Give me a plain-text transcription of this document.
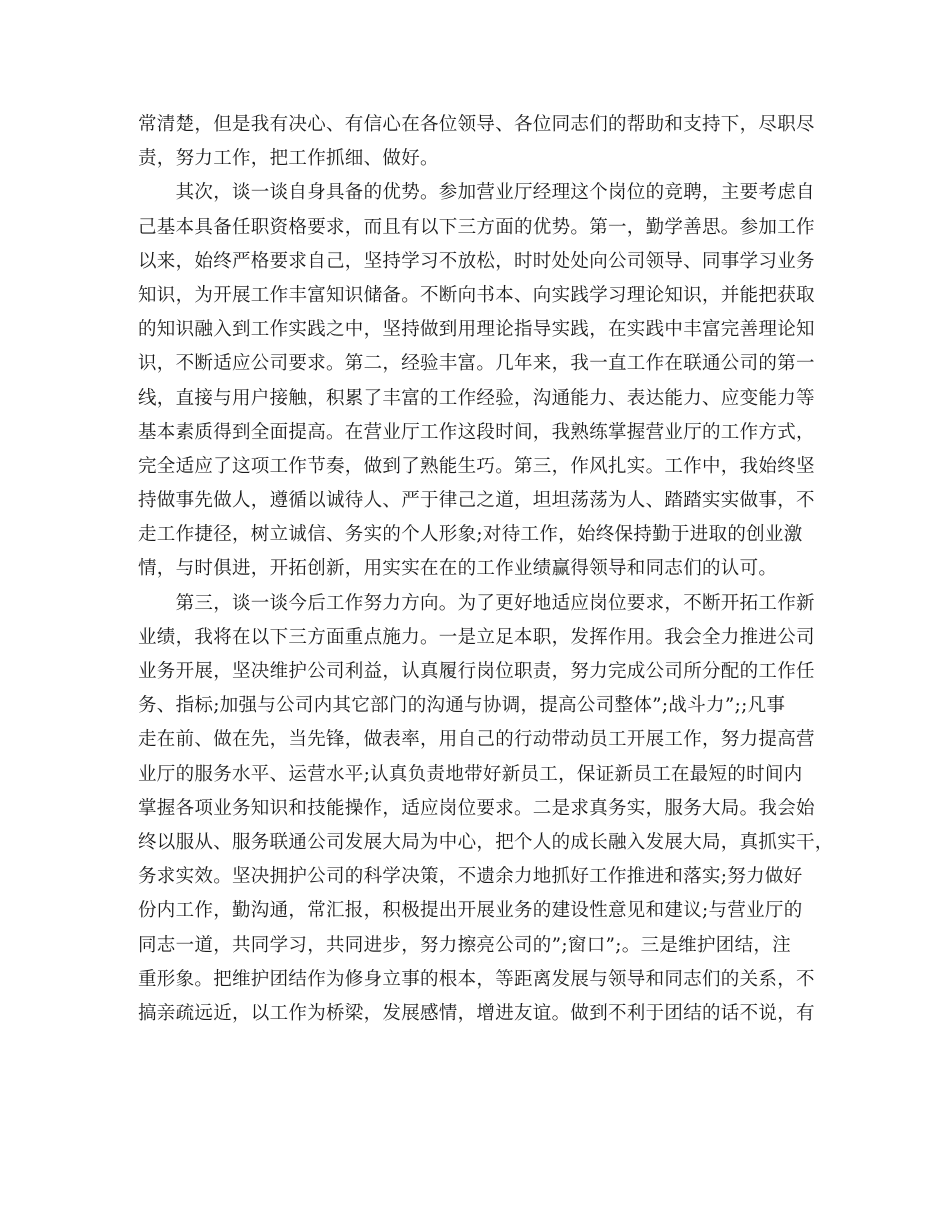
常清楚，但是我有决心、有信心在各位领导、各位同志们的帮助和支持下，尽职尽
责，努力工作，把工作抓细、做好。
　　其次，谈一谈自身具备的优势。参加营业厅经理这个岗位的竞聘，主要考虑自
己基本具备任职资格要求，而且有以下三方面的优势。第一，勤学善思。参加工作
以来，始终严格要求自己，坚持学习不放松，时时处处向公司领导、同事学习业务
知识，为开展工作丰富知识储备。不断向书本、向实践学习理论知识，并能把获取
的知识融入到工作实践之中，坚持做到用理论指导实践，在实践中丰富完善理论知
识，不断适应公司要求。第二，经验丰富。几年来，我一直工作在联通公司的第一
线，直接与用户接触，积累了丰富的工作经验，沟通能力、表达能力、应变能力等
基本素质得到全面提高。在营业厅工作这段时间，我熟练掌握营业厅的工作方式，
完全适应了这项工作节奏，做到了熟能生巧。第三，作风扎实。工作中，我始终坚
持做事先做人，遵循以诚待人、严于律己之道，坦坦荡荡为人、踏踏实实做事，不
走工作捷径，树立诚信、务实的个人形象;对待工作，始终保持勤于进取的创业激
情，与时俱进，开拓创新，用实实在在的工作业绩赢得领导和同志们的认可。
　　第三，谈一谈今后工作努力方向。为了更好地适应岗位要求，不断开拓工作新
业绩，我将在以下三方面重点施力。一是立足本职，发挥作用。我会全力推进公司
业务开展，坚决维护公司利益，认真履行岗位职责，努力完成公司所分配的工作任
务、指标;加强与公司内其它部门的沟通与协调，提高公司整体”;战斗力”;;凡事
走在前、做在先，当先锋，做表率，用自己的行动带动员工开展工作，努力提高营
业厅的服务水平、运营水平;认真负责地带好新员工，保证新员工在最短的时间内
掌握各项业务知识和技能操作，适应岗位要求。二是求真务实，服务大局。我会始
终以服从、服务联通公司发展大局为中心，把个人的成长融入发展大局，真抓实干，
务求实效。坚决拥护公司的科学决策，不遗余力地抓好工作推进和落实;努力做好
份内工作，勤沟通，常汇报，积极提出开展业务的建设性意见和建议;与营业厅的
同志一道，共同学习，共同进步，努力擦亮公司的”;窗口”;。三是维护团结，注
重形象。把维护团结作为修身立事的根本，等距离发展与领导和同志们的关系，不
搞亲疏远近，以工作为桥梁，发展感情，增进友谊。做到不利于团结的话不说，有
